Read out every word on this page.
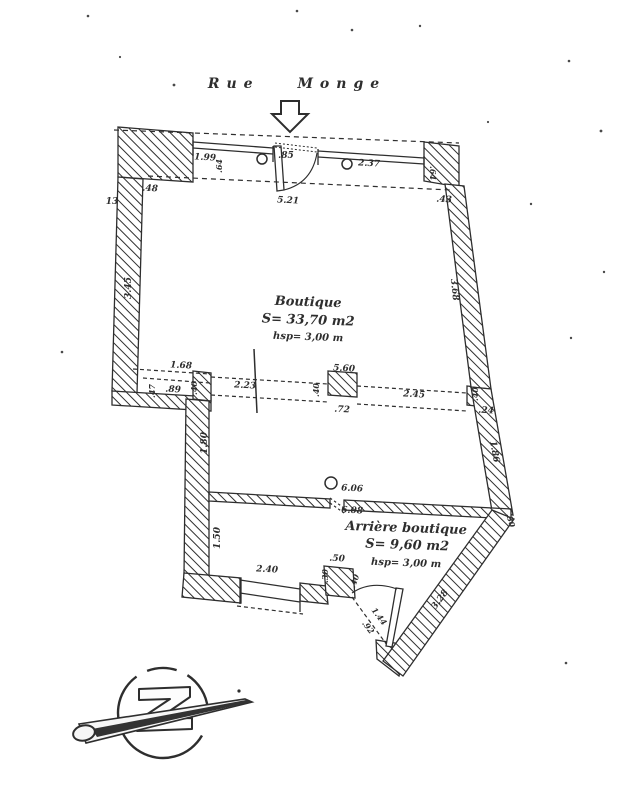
Rue Monge
1.99	.85
2.37
.64
.64
.48
13	5.21	.43
3.45	3.68
1.68
.47 .89 .40	2.23	.40
5.60
.72
2.45	.40
.24
1.80	1.86
6.06
6.08
.30
1.50
2.40
.50
.30 .40
1.44
.92
3.28
Boutique
S= 33,70 m2
hsp= 3,00 m
Arrière boutique
S= 9,60 m2
hsp= 3,00 m
